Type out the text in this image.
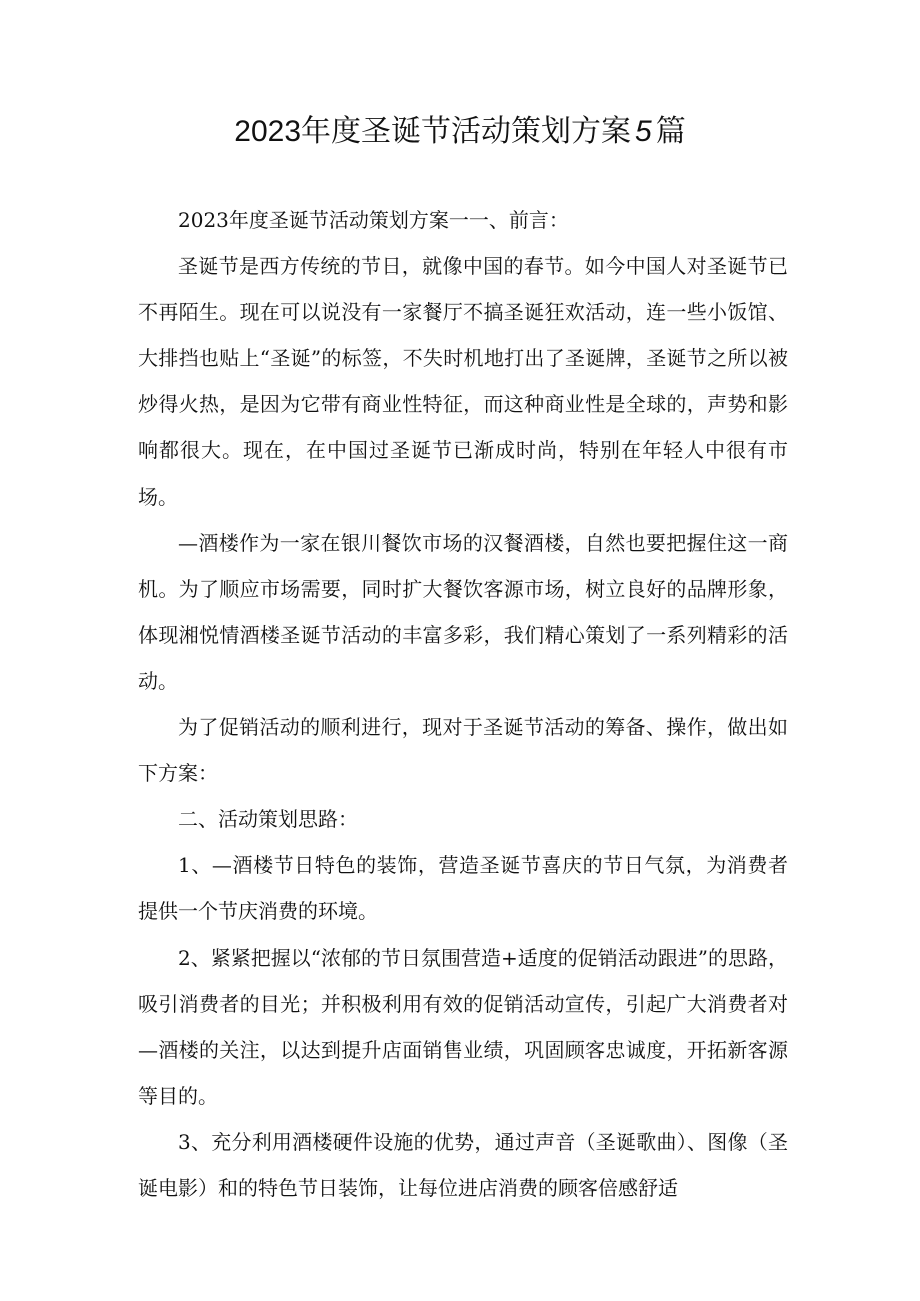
2023年度圣诞节活动策划方案 5 篇

2023年度圣诞节活动策划方案一一、前言：

圣诞节是西方传统的节日，就像中国的春节。如今中国人对圣诞节已不再陌生。现在可以说没有一家餐厅不搞圣诞狂欢活动，连一些小饭馆、大排挡也贴上“圣诞”的标签，不失时机地打出了圣诞牌，圣诞节之所以被炒得火热，是因为它带有商业性特征，而这种商业性是全球的，声势和影响都很大。现在，在中国过圣诞节已渐成时尚，特别在年轻人中很有市场。

—酒楼作为一家在银川餐饮市场的汉餐酒楼，自然也要把握住这一商机。为了顺应市场需要，同时扩大餐饮客源市场，树立良好的品牌形象，体现湘悦情酒楼圣诞节活动的丰富多彩，我们精心策划了一系列精彩的活动。

为了促销活动的顺利进行，现对于圣诞节活动的筹备、操作，做出如下方案：

二、活动策划思路：

1、—酒楼节日特色的装饰，营造圣诞节喜庆的节日气氛，为消费者提供一个节庆消费的环境。

2、紧紧把握以“浓郁的节日氛围营造+适度的促销活动跟进”的思路，吸引消费者的目光；并积极利用有效的促销活动宣传，引起广大消费者对—酒楼的关注，以达到提升店面销售业绩，巩固顾客忠诚度，开拓新客源等目的。

3、充分利用酒楼硬件设施的优势，通过声音（圣诞歌曲）、图像（圣诞电影）和的特色节日装饰，让每位进店消费的顾客倍感舒适
